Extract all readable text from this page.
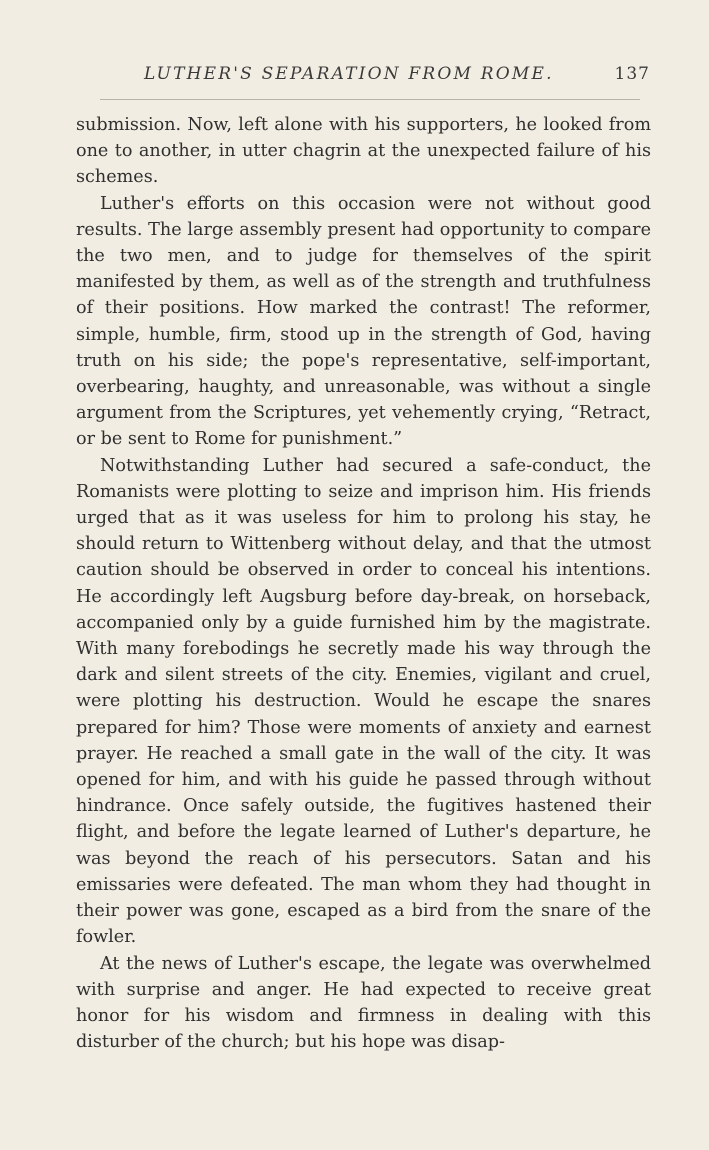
LUTHER'S SEPARATION FROM ROME.	137

submission. Now, left alone with his supporters, he looked from one to another, in utter chagrin at the unexpected failure of his schemes.

Luther's efforts on this occasion were not without good results. The large assembly present had opportunity to compare the two men, and to judge for themselves of the spirit manifested by them, as well as of the strength and truthfulness of their positions. How marked the contrast! The reformer, simple, humble, firm, stood up in the strength of God, having truth on his side; the pope's representative, self-important, overbearing, haughty, and unreasonable, was without a single argument from the Scriptures, yet vehemently crying, “Retract, or be sent to Rome for punishment.”

Notwithstanding Luther had secured a safe-conduct, the Romanists were plotting to seize and imprison him. His friends urged that as it was useless for him to prolong his stay, he should return to Wittenberg without delay, and that the utmost caution should be observed in order to conceal his intentions. He accordingly left Augsburg before day-break, on horseback, accompanied only by a guide furnished him by the magistrate. With many forebodings he secretly made his way through the dark and silent streets of the city. Enemies, vigilant and cruel, were plotting his destruction. Would he escape the snares prepared for him? Those were moments of anxiety and earnest prayer. He reached a small gate in the wall of the city. It was opened for him, and with his guide he passed through without hindrance. Once safely outside, the fugitives hastened their flight, and before the legate learned of Luther's departure, he was beyond the reach of his persecutors. Satan and his emissaries were defeated. The man whom they had thought in their power was gone, escaped as a bird from the snare of the fowler.

At the news of Luther's escape, the legate was overwhelmed with surprise and anger. He had expected to receive great honor for his wisdom and firmness in dealing with this disturber of the church; but his hope was disap-
